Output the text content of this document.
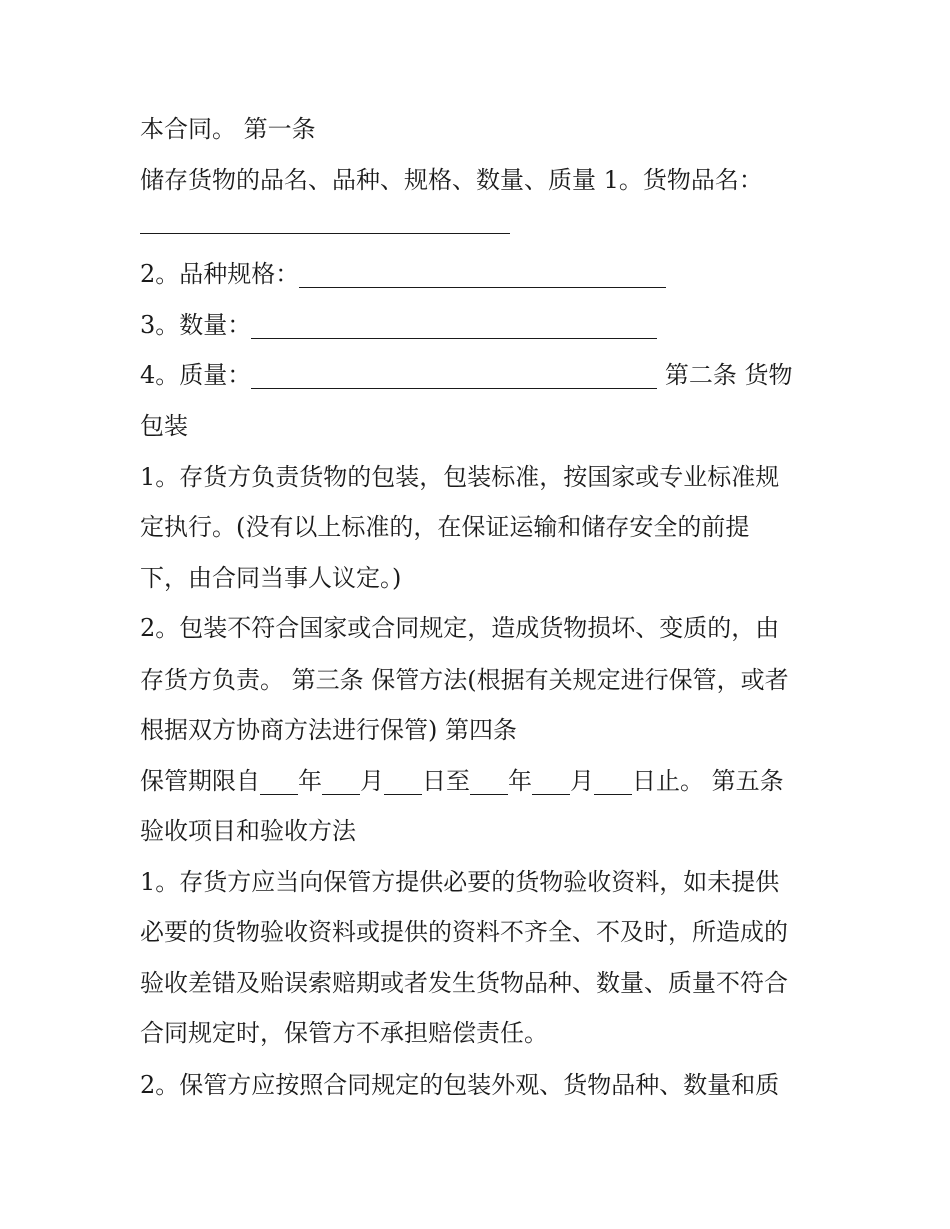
本合同。 第一条
储存货物的品名、品种、规格、数量、质量 1。货物品名：
2。品种规格：
3。数量：
4。质量：	第二条 货物
包装
1。存货方负责货物的包装，包装标准，按国家或专业标准规
定执行。(没有以上标准的，在保证运输和储存安全的前提
下，由合同当事人议定。)
2。包装不符合国家或合同规定，造成货物损坏、变质的，由
存货方负责。 第三条 保管方法(根据有关规定进行保管，或者
根据双方协商方法进行保管) 第四条
保管期限自 年 月 日至 年 月 日止。 第五条
验收项目和验收方法
1。存货方应当向保管方提供必要的货物验收资料，如未提供
必要的货物验收资料或提供的资料不齐全、不及时，所造成的
验收差错及贻误索赔期或者发生货物品种、数量、质量不符合
合同规定时，保管方不承担赔偿责任。
2。保管方应按照合同规定的包装外观、货物品种、数量和质
